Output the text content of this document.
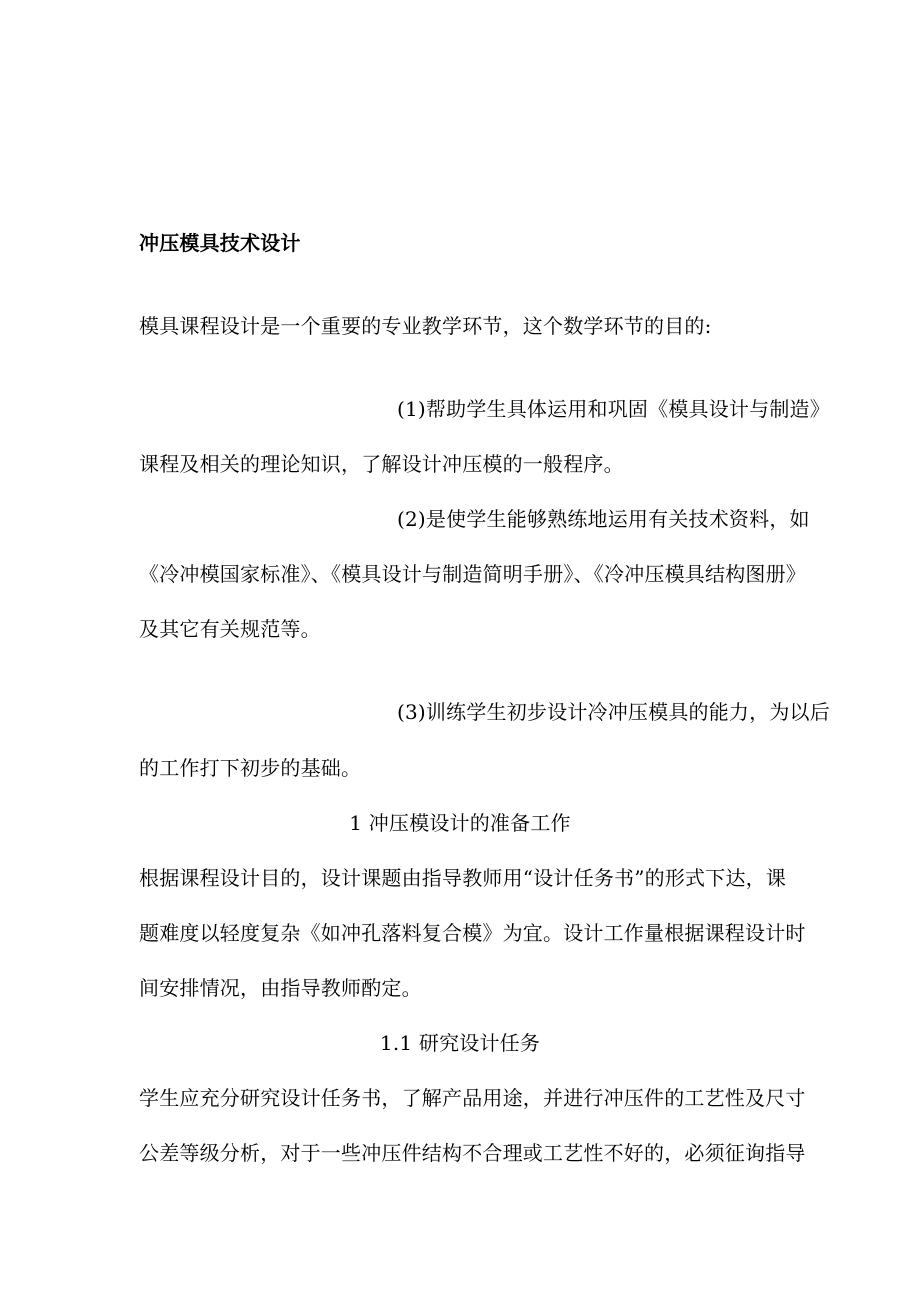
冲压模具技术设计
模具课程设计是一个重要的专业教学环节，这个数学环节的目的:
(1)帮助学生具体运用和巩固《模具设计与制造》
课程及相关的理论知识，了解设计冲压模的一般程序。
(2)是使学生能够熟练地运用有关技术资料，如
《冷冲模国家标准》、《模具设计与制造简明手册》、《冷冲压模具结构图册》
及其它有关规范等。
(3)训练学生初步设计冷冲压模具的能力，为以后
的工作打下初步的基础。
1 冲压模设计的准备工作
根据课程设计目的，设计课题由指导教师用“设计任务书”的形式下达，课
题难度以轻度复杂《如冲孔落料复合模》为宜。设计工作量根据课程设计时
间安排情况，由指导教师酌定。
1.1 研究设计任务
学生应充分研究设计任务书，了解产品用途，并进行冲压件的工艺性及尺寸
公差等级分析，对于一些冲压件结构不合理或工艺性不好的，必须征询指导
